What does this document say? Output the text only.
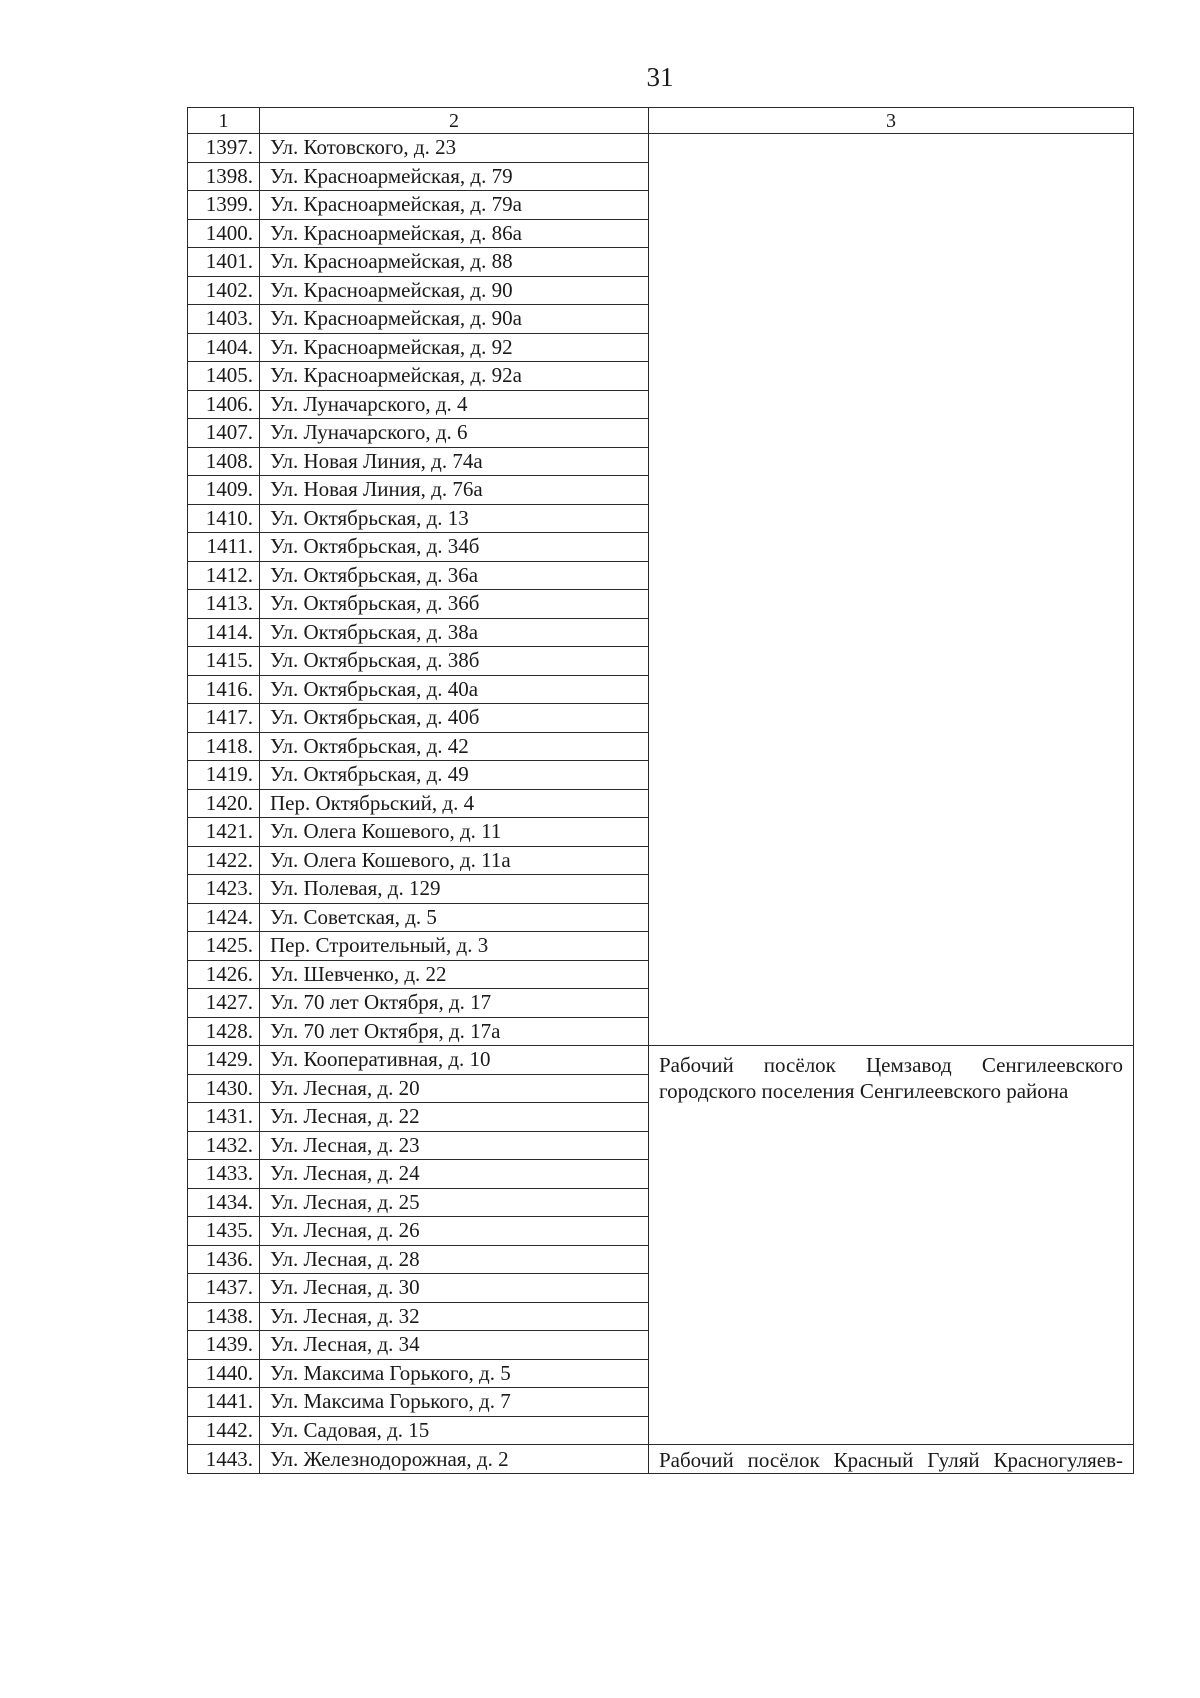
31
1	2	3
1397.	Ул. Котовского, д. 23	
1398.	Ул. Красноармейская, д. 79	
1399.	Ул. Красноармейская, д. 79а	
1400.	Ул. Красноармейская, д. 86а	
1401.	Ул. Красноармейская, д. 88	
1402.	Ул. Красноармейская, д. 90	
1403.	Ул. Красноармейская, д. 90а	
1404.	Ул. Красноармейская, д. 92	
1405.	Ул. Красноармейская, д. 92а	
1406.	Ул. Луначарского, д. 4	
1407.	Ул. Луначарского, д. 6	
1408.	Ул. Новая Линия, д. 74а	
1409.	Ул. Новая Линия, д. 76а	
1410.	Ул. Октябрьская, д. 13	
1411.	Ул. Октябрьская, д. 34б	
1412.	Ул. Октябрьская, д. 36а	
1413.	Ул. Октябрьская, д. 36б	
1414.	Ул. Октябрьская, д. 38а	
1415.	Ул. Октябрьская, д. 38б	
1416.	Ул. Октябрьская, д. 40а	
1417.	Ул. Октябрьская, д. 40б	
1418.	Ул. Октябрьская, д. 42	
1419.	Ул. Октябрьская, д. 49	
1420.	Пер. Октябрьский, д. 4	
1421.	Ул. Олега Кошевого, д. 11	
1422.	Ул. Олега Кошевого, д. 11а	
1423.	Ул. Полевая, д. 129	
1424.	Ул. Советская, д. 5	
1425.	Пер. Строительный, д. 3	
1426.	Ул. Шевченко, д. 22	
1427.	Ул. 70 лет Октября, д. 17	
1428.	Ул. 70 лет Октября, д. 17а	
1429.	Ул. Кооперативная, д. 10	Рабочий посёлок Цемзавод Сенгилеевского городского поселения Сенгилеевского района
1430.	Ул. Лесная, д. 20	
1431.	Ул. Лесная, д. 22	
1432.	Ул. Лесная, д. 23	
1433.	Ул. Лесная, д. 24	
1434.	Ул. Лесная, д. 25	
1435.	Ул. Лесная, д. 26	
1436.	Ул. Лесная, д. 28	
1437.	Ул. Лесная, д. 30	
1438.	Ул. Лесная, д. 32	
1439.	Ул. Лесная, д. 34	
1440.	Ул. Максима Горького, д. 5	
1441.	Ул. Максима Горького, д. 7	
1442.	Ул. Садовая, д. 15	
1443.	Ул. Железнодорожная, д. 2	Рабочий посёлок Красный Гуляй Красногуляев-
